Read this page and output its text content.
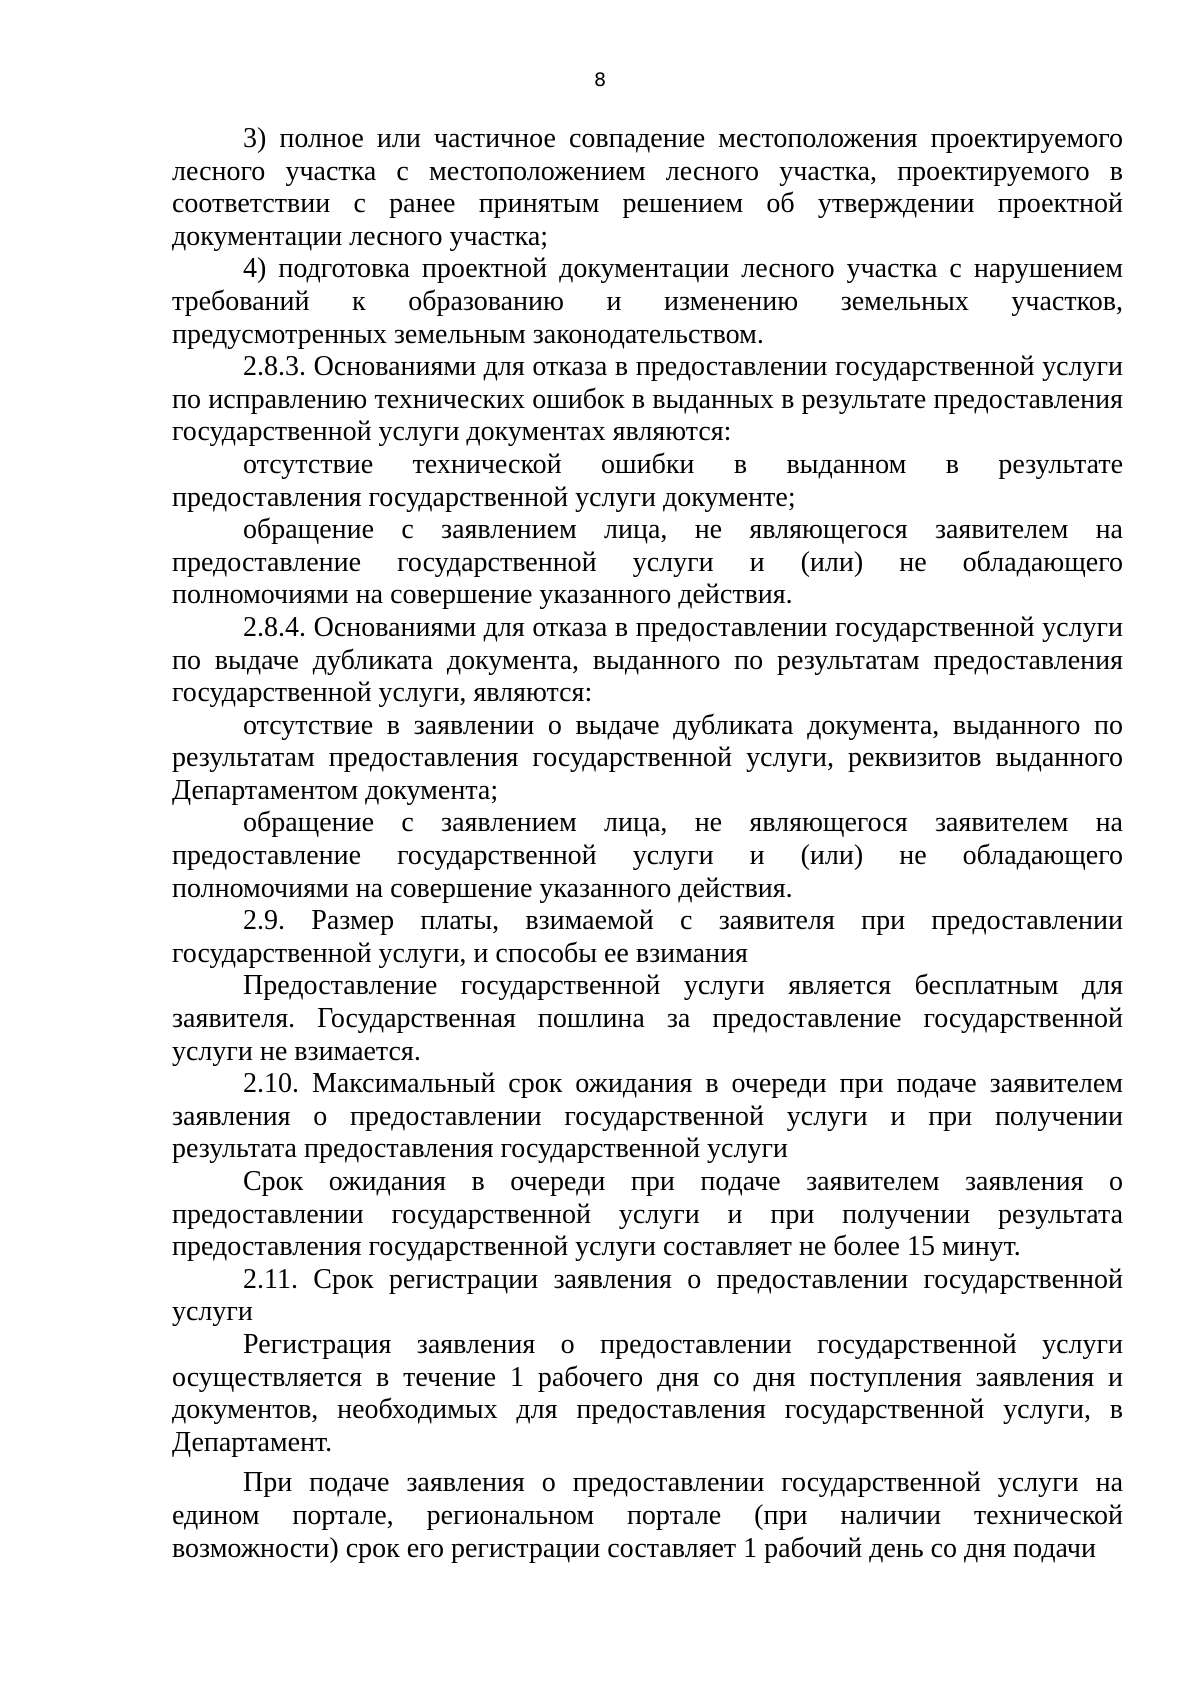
8

3) полное или частичное совпадение местоположения проектируемого лесного участка с местоположением лесного участка, проектируемого в соответствии с ранее принятым решением об утверждении проектной документации лесного участка;

4) подготовка проектной документации лесного участка с нарушением требований к образованию и изменению земельных участков, предусмотренных земельным законодательством.

2.8.3. Основаниями для отказа в предоставлении государственной услуги по исправлению технических ошибок в выданных в результате предоставления государственной услуги документах являются:

отсутствие технической ошибки в выданном в результате предоставления государственной услуги документе;

обращение с заявлением лица, не являющегося заявителем на предоставление государственной услуги и (или) не обладающего полномочиями на совершение указанного действия.

2.8.4. Основаниями для отказа в предоставлении государственной услуги по выдаче дубликата документа, выданного по результатам предоставления государственной услуги, являются:

отсутствие в заявлении о выдаче дубликата документа, выданного по результатам предоставления государственной услуги, реквизитов выданного Департаментом документа;

обращение с заявлением лица, не являющегося заявителем на предоставление государственной услуги и (или) не обладающего полномочиями на совершение указанного действия.

2.9. Размер платы, взимаемой с заявителя при предоставлении государственной услуги, и способы ее взимания

Предоставление государственной услуги является бесплатным для заявителя. Государственная пошлина за предоставление государственной услуги не взимается.

2.10. Максимальный срок ожидания в очереди при подаче заявителем заявления о предоставлении государственной услуги и при получении результата предоставления государственной услуги

Срок ожидания в очереди при подаче заявителем заявления о предоставлении государственной услуги и при получении результата предоставления государственной услуги составляет не более 15 минут.

2.11. Срок регистрации заявления о предоставлении государственной услуги

Регистрация заявления о предоставлении государственной услуги осуществляется в течение 1 рабочего дня со дня поступления заявления и документов, необходимых для предоставления государственной услуги, в Департамент.

При подаче заявления о предоставлении государственной услуги на едином портале, региональном портале (при наличии технической возможности) срок его регистрации составляет 1 рабочий день со дня подачи
